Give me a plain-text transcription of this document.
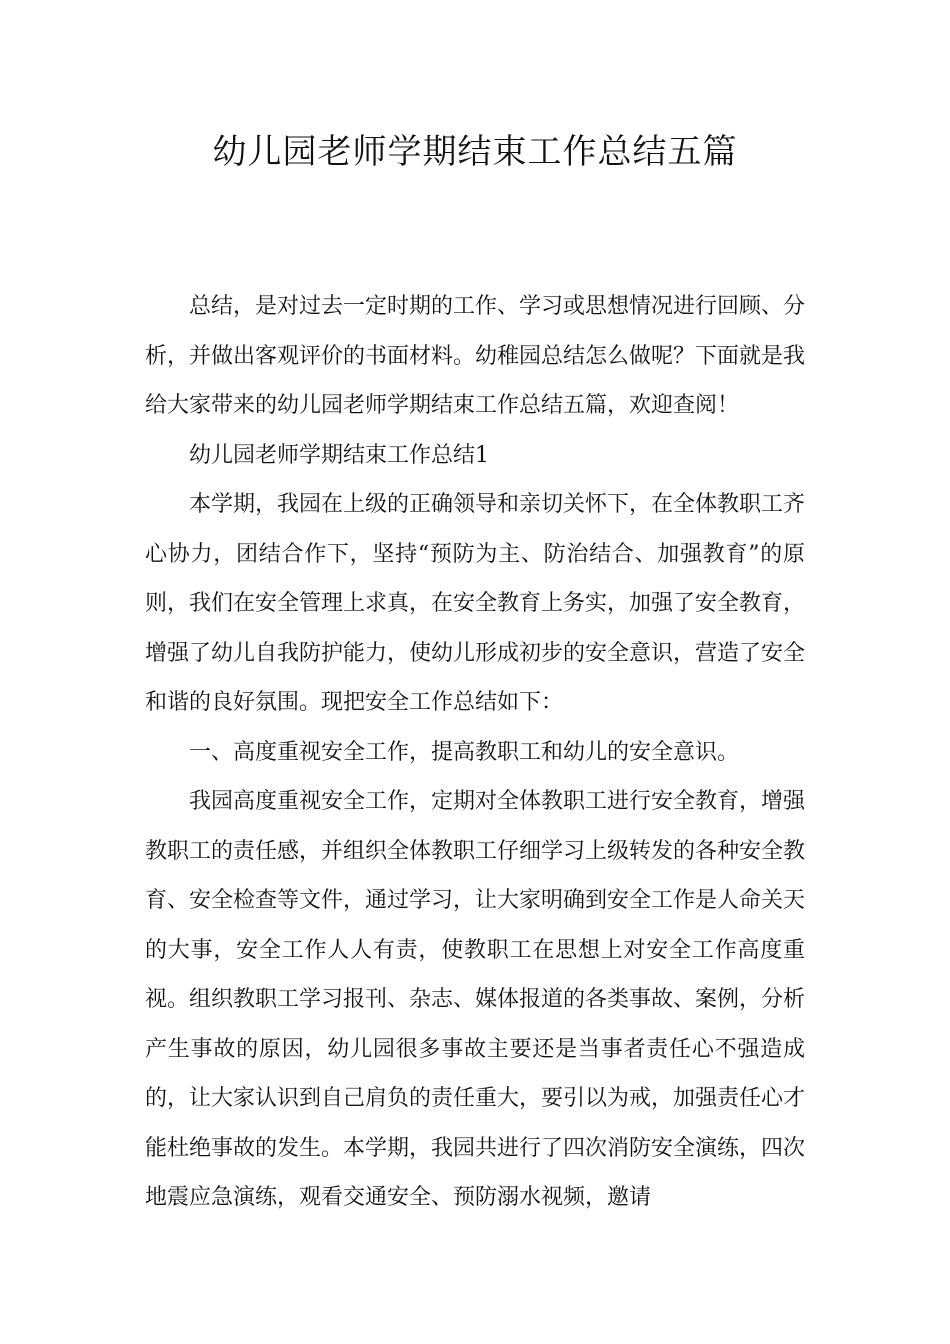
幼儿园老师学期结束工作总结五篇

总结，是对过去一定时期的工作、学习或思想情况进行回顾、分析，并做出客观评价的书面材料。幼稚园总结怎么做呢？下面就是我给大家带来的幼儿园老师学期结束工作总结五篇，欢迎查阅！

幼儿园老师学期结束工作总结1

本学期，我园在上级的正确领导和亲切关怀下，在全体教职工齐心协力，团结合作下，坚持“预防为主、防治结合、加强教育”的原则，我们在安全管理上求真，在安全教育上务实，加强了安全教育，增强了幼儿自我防护能力，使幼儿形成初步的安全意识，营造了安全和谐的良好氛围。现把安全工作总结如下：

一、高度重视安全工作，提高教职工和幼儿的安全意识。

我园高度重视安全工作，定期对全体教职工进行安全教育，增强教职工的责任感，并组织全体教职工仔细学习上级转发的各种安全教育、安全检查等文件，通过学习，让大家明确到安全工作是人命关天的大事，安全工作人人有责，使教职工在思想上对安全工作高度重视。组织教职工学习报刊、杂志、媒体报道的各类事故、案例，分析产生事故的原因，幼儿园很多事故主要还是当事者责任心不强造成的，让大家认识到自己肩负的责任重大，要引以为戒，加强责任心才能杜绝事故的发生。本学期，我园共进行了四次消防安全演练，四次地震应急演练，观看交通安全、预防溺水视频，邀请
